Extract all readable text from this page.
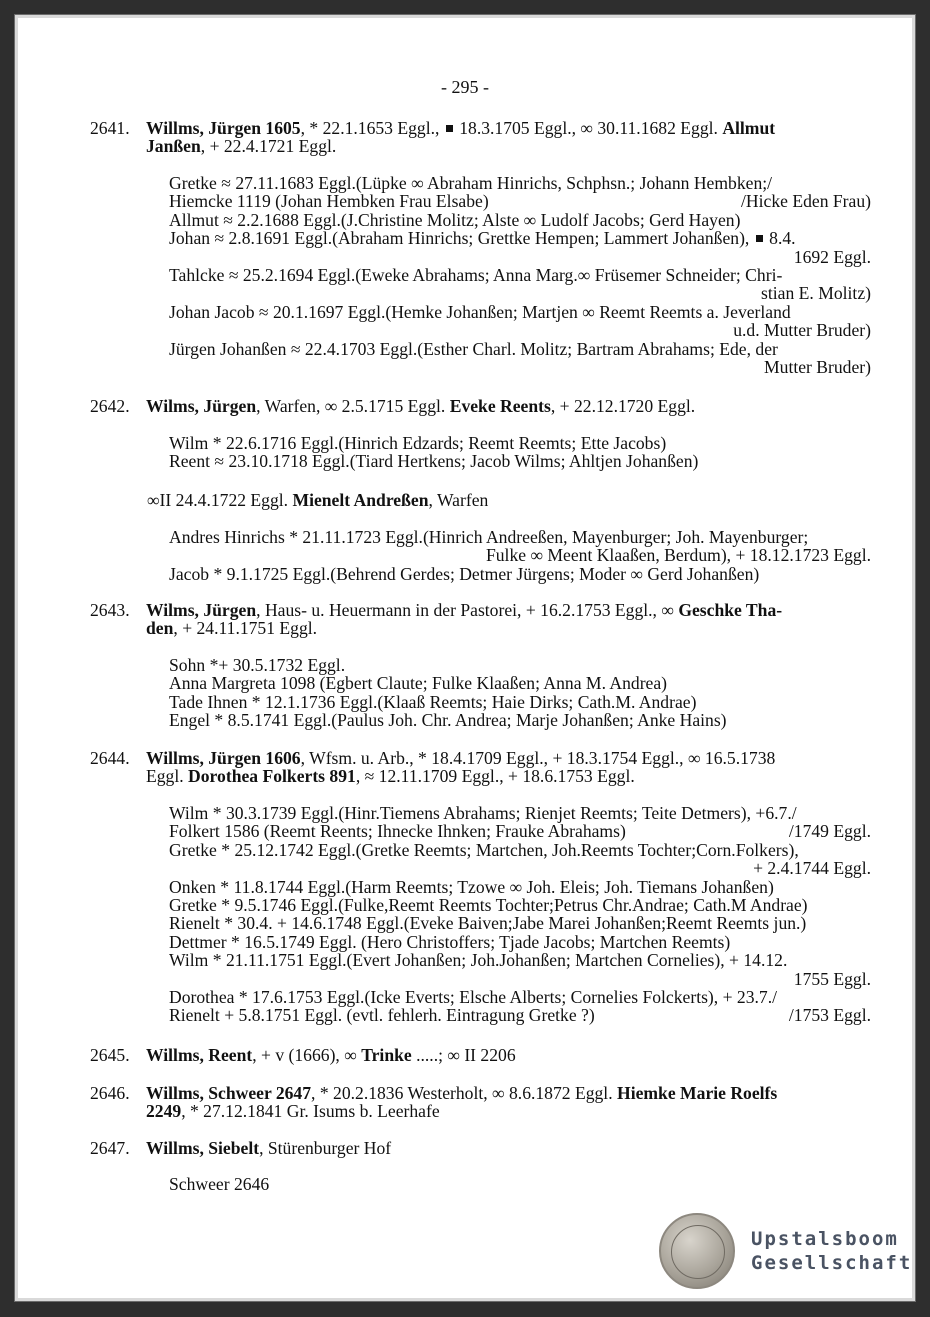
- 295 -
2641. Willms, Jürgen 1605, * 22.1.1653 Eggl., 18.3.1705 Eggl., ∞ 30.11.1682 Eggl. Allmut
Janßen, + 22.4.1721 Eggl.
Gretke ≈ 27.11.1683 Eggl.(Lüpke ∞ Abraham Hinrichs, Schphsn.; Johann Hembken;/
Hiemcke 1119 (Johan Hembken Frau Elsabe)	/Hicke Eden Frau)
Allmut ≈ 2.2.1688 Eggl.(J.Christine Molitz; Alste ∞ Ludolf Jacobs; Gerd Hayen)
Johan ≈ 2.8.1691 Eggl.(Abraham Hinrichs; Grettke Hempen; Lammert Johanßen), 8.4.
1692 Eggl.
Tahlcke ≈ 25.2.1694 Eggl.(Eweke Abrahams; Anna Marg.∞ Früsemer Schneider; Chri-
stian E. Molitz)
Johan Jacob ≈ 20.1.1697 Eggl.(Hemke Johanßen; Martjen ∞ Reemt Reemts a. Jeverland
u.d. Mutter Bruder)
Jürgen Johanßen ≈ 22.4.1703 Eggl.(Esther Charl. Molitz; Bartram Abrahams; Ede, der
Mutter Bruder)
2642. Wilms, Jürgen, Warfen, ∞ 2.5.1715 Eggl. Eveke Reents, + 22.12.1720 Eggl.
Wilm * 22.6.1716 Eggl.(Hinrich Edzards; Reemt Reemts; Ette Jacobs)
Reent ≈ 23.10.1718 Eggl.(Tiard Hertkens; Jacob Wilms; Ahltjen Johanßen)
∞II 24.4.1722 Eggl. Mienelt Andreßen, Warfen
Andres Hinrichs * 21.11.1723 Eggl.(Hinrich Andreeßen, Mayenburger; Joh. Mayenburger;
Fulke ∞ Meent Klaaßen, Berdum), + 18.12.1723 Eggl.
Jacob * 9.1.1725 Eggl.(Behrend Gerdes; Detmer Jürgens; Moder ∞ Gerd Johanßen)
2643. Wilms, Jürgen, Haus- u. Heuermann in der Pastorei, + 16.2.1753 Eggl., ∞ Geschke Tha-
den, + 24.11.1751 Eggl.
Sohn *+ 30.5.1732 Eggl.
Anna Margreta 1098 (Egbert Claute; Fulke Klaaßen; Anna M. Andrea)
Tade Ihnen * 12.1.1736 Eggl.(Klaaß Reemts; Haie Dirks; Cath.M. Andrae)
Engel * 8.5.1741 Eggl.(Paulus Joh. Chr. Andrea; Marje Johanßen; Anke Hains)
2644. Willms, Jürgen 1606, Wfsm. u. Arb., * 18.4.1709 Eggl., + 18.3.1754 Eggl., ∞ 16.5.1738
Eggl. Dorothea Folkerts 891, ≈ 12.11.1709 Eggl., + 18.6.1753 Eggl.
Wilm * 30.3.1739 Eggl.(Hinr.Tiemens Abrahams; Rienjet Reemts; Teite Detmers), +6.7./
Folkert 1586 (Reemt Reents; Ihnecke Ihnken; Frauke Abrahams)	/1749 Eggl.
Gretke * 25.12.1742 Eggl.(Gretke Reemts; Martchen, Joh.Reemts Tochter;Corn.Folkers),
+ 2.4.1744 Eggl.
Onken * 11.8.1744 Eggl.(Harm Reemts; Tzowe ∞ Joh. Eleis; Joh. Tiemans Johanßen)
Gretke * 9.5.1746 Eggl.(Fulke,Reemt Reemts Tochter;Petrus Chr.Andrae; Cath.M Andrae)
Rienelt * 30.4. + 14.6.1748 Eggl.(Eveke Baiven;Jabe Marei Johanßen;Reemt Reemts jun.)
Dettmer * 16.5.1749 Eggl. (Hero Christoffers; Tjade Jacobs; Martchen Reemts)
Wilm * 21.11.1751 Eggl.(Evert Johanßen; Joh.Johanßen; Martchen Cornelies), + 14.12.
1755 Eggl.
Dorothea * 17.6.1753 Eggl.(Icke Everts; Elsche Alberts; Cornelies Folckerts), + 23.7./
Rienelt + 5.8.1751 Eggl. (evtl. fehlerh. Eintragung Gretke ?)	/1753 Eggl.
2645. Willms, Reent, + v (1666), ∞ Trinke .....; ∞ II 2206
2646. Willms, Schweer 2647, * 20.2.1836 Westerholt, ∞ 8.6.1872 Eggl. Hiemke Marie Roelfs
2249, * 27.12.1841 Gr. Isums b. Leerhafe
2647. Willms, Siebelt, Stürenburger Hof
Schweer 2646
Upstalsboom
Gesellschaft
